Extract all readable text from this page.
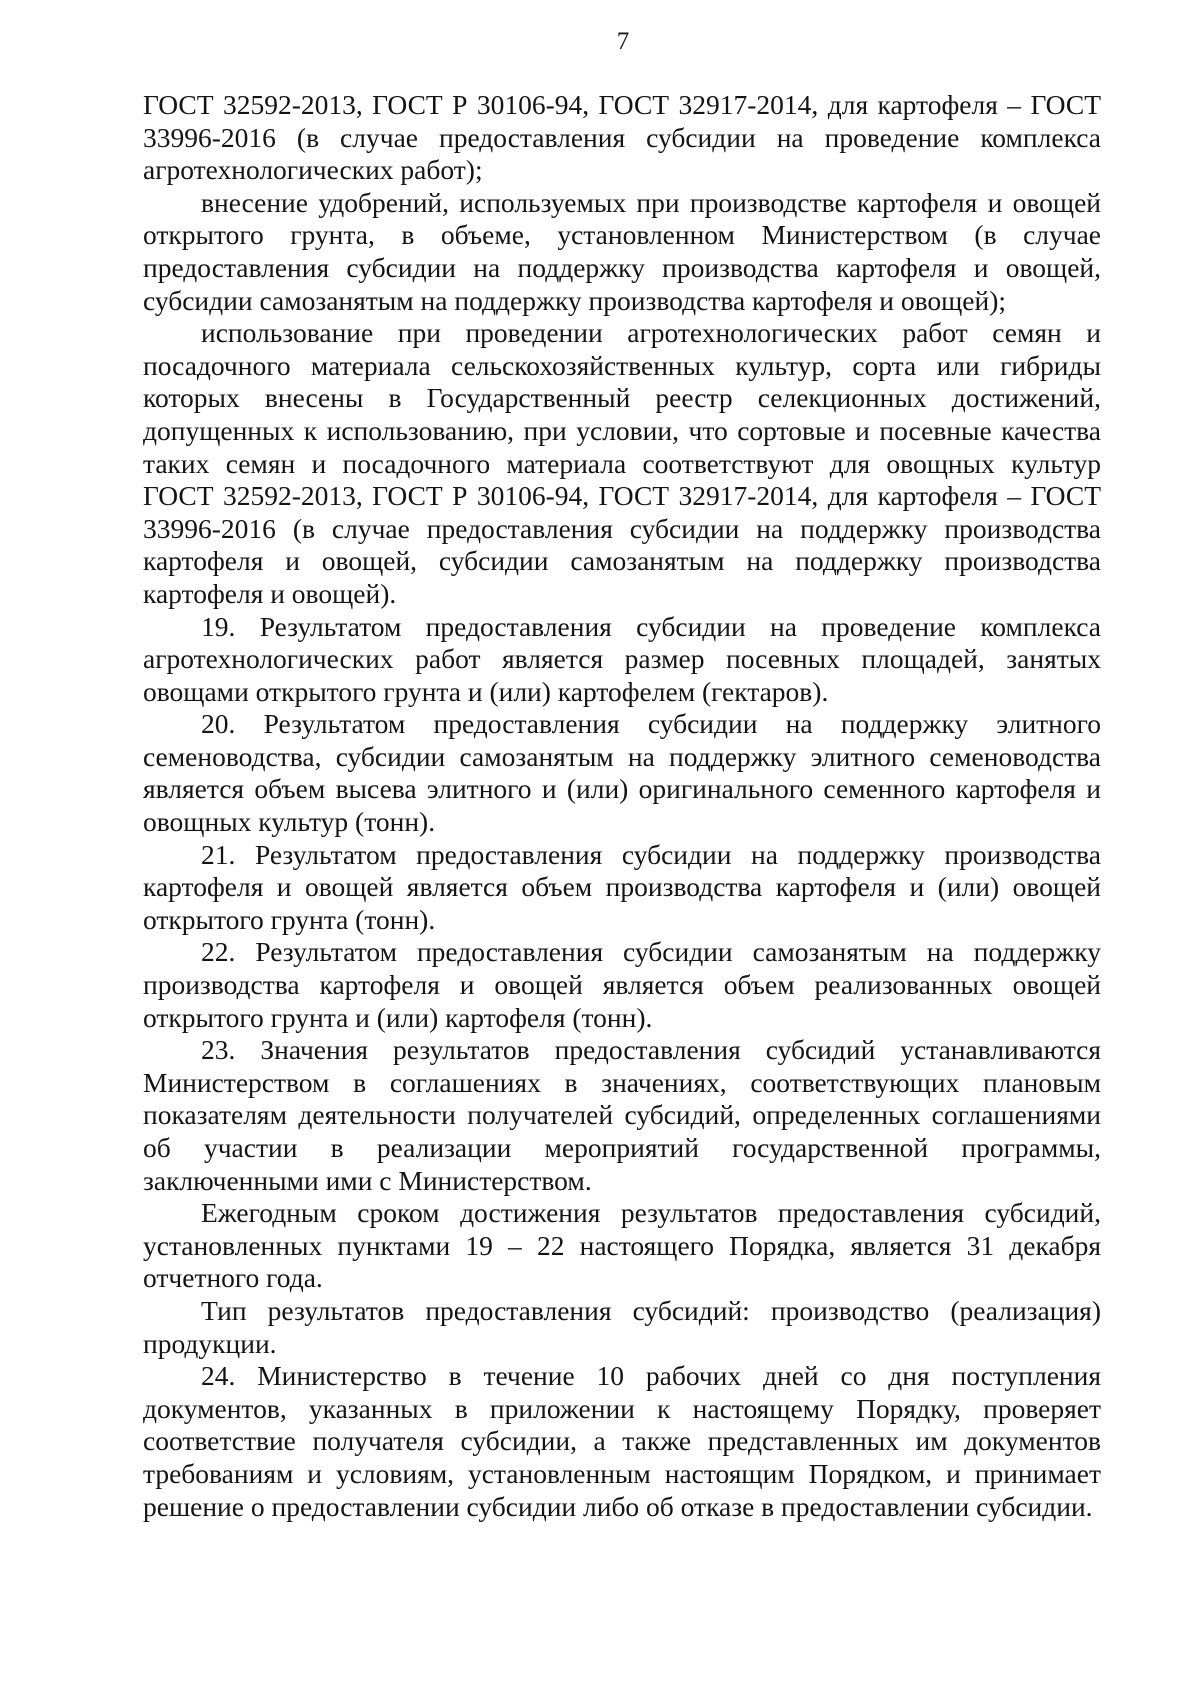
7

ГОСТ 32592-2013, ГОСТ Р 30106-94, ГОСТ 32917-2014, для картофеля – ГОСТ 33996-2016 (в случае предоставления субсидии на проведение комплекса агротехнологических работ);

внесение удобрений, используемых при производстве картофеля и овощей открытого грунта, в объеме, установленном Министерством (в случае предоставления субсидии на поддержку производства картофеля и овощей, субсидии самозанятым на поддержку производства картофеля и овощей);

использование при проведении агротехнологических работ семян и посадочного материала сельскохозяйственных культур, сорта или гибриды которых внесены в Государственный реестр селекционных достижений, допущенных к использованию, при условии, что сортовые и посевные качества таких семян и посадочного материала соответствуют для овощных культур ГОСТ 32592-2013, ГОСТ Р 30106-94, ГОСТ 32917-2014, для картофеля – ГОСТ 33996-2016 (в случае предоставления субсидии на поддержку производства картофеля и овощей, субсидии самозанятым на поддержку производства картофеля и овощей).

19. Результатом предоставления субсидии на проведение комплекса агротехнологических работ является размер посевных площадей, занятых овощами открытого грунта и (или) картофелем (гектаров).

20. Результатом предоставления субсидии на поддержку элитного семеноводства, субсидии самозанятым на поддержку элитного семеноводства является объем высева элитного и (или) оригинального семенного картофеля и овощных культур (тонн).

21. Результатом предоставления субсидии на поддержку производства картофеля и овощей является объем производства картофеля и (или) овощей открытого грунта (тонн).

22. Результатом предоставления субсидии самозанятым на поддержку производства картофеля и овощей является объем реализованных овощей открытого грунта и (или) картофеля (тонн).

23. Значения результатов предоставления субсидий устанавливаются Министерством в соглашениях в значениях, соответствующих плановым показателям деятельности получателей субсидий, определенных соглашениями об участии в реализации мероприятий государственной программы, заключенными ими с Министерством.

Ежегодным сроком достижения результатов предоставления субсидий, установленных пунктами 19 – 22 настоящего Порядка, является 31 декабря отчетного года.

Тип результатов предоставления субсидий: производство (реализация) продукции.

24. Министерство в течение 10 рабочих дней со дня поступления документов, указанных в приложении к настоящему Порядку, проверяет соответствие получателя субсидии, а также представленных им документов требованиям и условиям, установленным настоящим Порядком, и принимает решение о предоставлении субсидии либо об отказе в предоставлении субсидии.
